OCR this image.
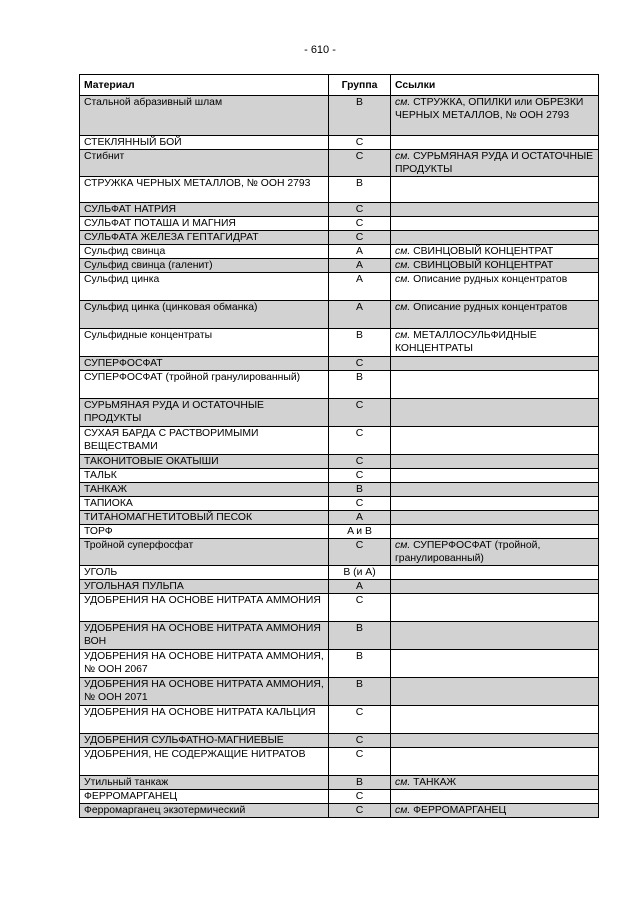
- 610 -
Материал	Группа	Ссылки
Стальной абразивный шлам	B	см. СТРУЖКА, ОПИЛКИ или ОБРЕЗКИ ЧЕРНЫХ МЕТАЛЛОВ, № ООН 2793
СТЕКЛЯННЫЙ БОЙ	C	
Стибнит	C	см. СУРЬМЯНАЯ РУДА И ОСТАТОЧНЫЕ ПРОДУКТЫ
СТРУЖКА ЧЕРНЫХ МЕТАЛЛОВ, № ООН 2793	B	
СУЛЬФАТ НАТРИЯ	C	
СУЛЬФАТ ПОТАША И МАГНИЯ	C	
СУЛЬФАТА ЖЕЛЕЗА ГЕПТАГИДРАТ	C	
Сульфид свинца	A	см. СВИНЦОВЫЙ КОНЦЕНТРАТ
Сульфид свинца (галенит)	A	см. СВИНЦОВЫЙ КОНЦЕНТРАТ
Сульфид цинка	A	см. Описание рудных концентратов
Сульфид цинка (цинковая обманка)	A	см. Описание рудных концентратов
Сульфидные концентраты	B	см. МЕТАЛЛОСУЛЬФИДНЫЕ КОНЦЕНТРАТЫ
СУПЕРФОСФАТ	C	
СУПЕРФОСФАТ (тройной гранулированный)	B	
СУРЬМЯНАЯ РУДА И ОСТАТОЧНЫЕ ПРОДУКТЫ	C	
СУХАЯ БАРДА С РАСТВОРИМЫМИ ВЕЩЕСТВАМИ	C	
ТАКОНИТОВЫЕ ОКАТЫШИ	C	
ТАЛЬК	C	
ТАНКАЖ	B	
ТАПИОКА	C	
ТИТАНОМАГНЕТИТОВЫЙ ПЕСОК	A	
ТОРФ	A и B	
Тройной суперфосфат	C	см. СУПЕРФОСФАТ (тройной, гранулированный)
УГОЛЬ	B (и A)	
УГОЛЬНАЯ ПУЛЬПА	A	
УДОБРЕНИЯ НА ОСНОВЕ НИТРАТА АММОНИЯ	C	
УДОБРЕНИЯ НА ОСНОВЕ НИТРАТА АММОНИЯ ВОН	B	
УДОБРЕНИЯ НА ОСНОВЕ НИТРАТА АММОНИЯ, № ООН 2067	B	
УДОБРЕНИЯ НА ОСНОВЕ НИТРАТА АММОНИЯ, № ООН 2071	B	
УДОБРЕНИЯ НА ОСНОВЕ НИТРАТА КАЛЬЦИЯ	C	
УДОБРЕНИЯ СУЛЬФАТНО-МАГНИЕВЫЕ	C	
УДОБРЕНИЯ, НЕ СОДЕРЖАЩИЕ НИТРАТОВ	C	
Утильный танкаж	B	см. ТАНКАЖ
ФЕРРОМАРГАНЕЦ	C	
Ферромарганец экзотермический	C	см. ФЕРРОМАРГАНЕЦ
